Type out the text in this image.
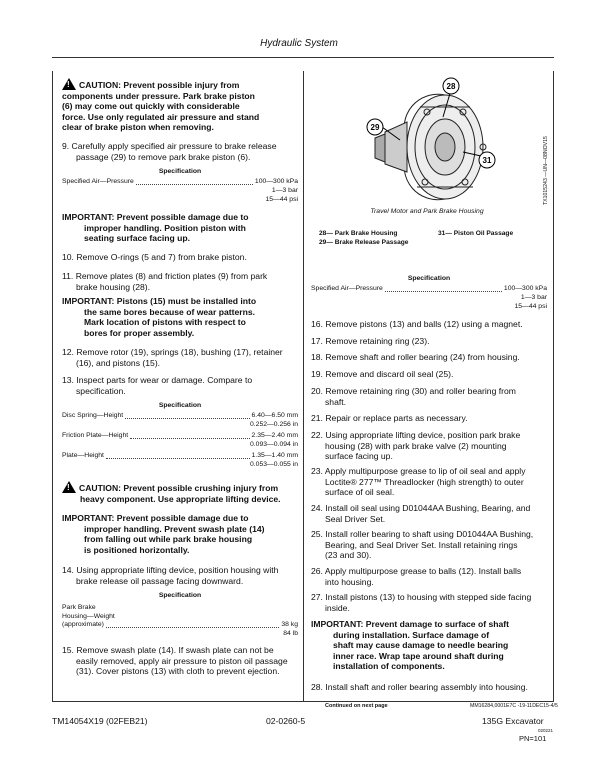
Hydraulic System

!CAUTION: Prevent possible injury from

components under pressure. Park brake piston

(6) may come out quickly with considerable

force. Use only regulated air pressure and stand

clear of brake piston when removing.

9. Carefully apply specified air pressure to brake release

passage (29) to remove park brake piston (6).

Specification
Specified Air—Pressure	100—300 kPa
1—3 bar
15—44 psi

IMPORTANT: Prevent possible damage due to

improper handling. Position piston with

seating surface facing up.

10. Remove O-rings (5 and 7) from brake piston.

11. Remove plates (8) and friction plates (9) from park

brake housing (28).

IMPORTANT: Pistons (15) must be installed into

the same bores because of wear patterns.

Mark location of pistons with respect to

bores for proper assembly.

12. Remove rotor (19), springs (18), bushing (17), retainer

(16), and pistons (15).

13. Inspect parts for wear or damage. Compare to

specification.

Specification
Disc Spring—Height	6.40—6.50 mm
0.252—0.256 in
Friction Plate—Height	2.35—2.40 mm
0.093—0.094 in
Plate—Height	1.35—1.40 mm
0.053—0.055 in

!CAUTION: Prevent possible crushing injury from

heavy component. Use appropriate lifting device.

IMPORTANT: Prevent possible damage due to

improper handling. Prevent swash plate (14)

from falling out while park brake housing

is positioned horizontally.

14. Using appropriate lifting device, position housing with

brake release oil passage facing downward.

Specification

Park Brake

Housing—Weight

(approximate)	38 kg
84 lb

15. Remove swash plate (14). If swash plate can not be

easily removed, apply air pressure to piston oil passage

(31). Cover pistons (13) with cloth to prevent ejection.

28
29
31	TX1015243 —UN—08NOV15
Travel Motor and Park Brake Housing

28— Park Brake Housing

29— Brake Release Passage

31— Piston Oil Passage
Specification
Specified Air—Pressure	100—300 kPa
1—3 bar
15—44 psi
16. Remove pistons (13) and balls (12) using a magnet.
17. Remove retaining ring (23).
18. Remove shaft and roller bearing (24) from housing.
19. Remove and discard oil seal (25).

20. Remove retaining ring (30) and roller bearing from

shaft.

21. Repair or replace parts as necessary.

22. Using appropriate lifting device, position park brake

housing (28) with park brake valve (2) mounting

surface facing up.

23. Apply multipurpose grease to lip of oil seal and apply

Loctite® 277™ Threadlocker (high strength) to outer

surface of oil seal.

24. Install oil seal using D01044AA Bushing, Bearing, and

Seal Driver Set.

25. Install roller bearing to shaft using D01044AA Bushing,

Bearing, and Seal Driver Set. Install retaining rings

(23 and 30).

26. Apply multipurpose grease to balls (12). Install balls

into housing.

27. Install pistons (13) to housing with stepped side facing

inside.

IMPORTANT: Prevent damage to surface of shaft

during installation. Surface damage of

shaft may cause damage to needle bearing

inner race. Wrap tape around shaft during

installation of components.

28. Install shaft and roller bearing assembly into housing.
Continued on next page	MM16284,0001E7C -19-11DEC15-4/5
TM14054X19 (02FEB21)	02-0260-5	135G Excavator
020221
PN=101
